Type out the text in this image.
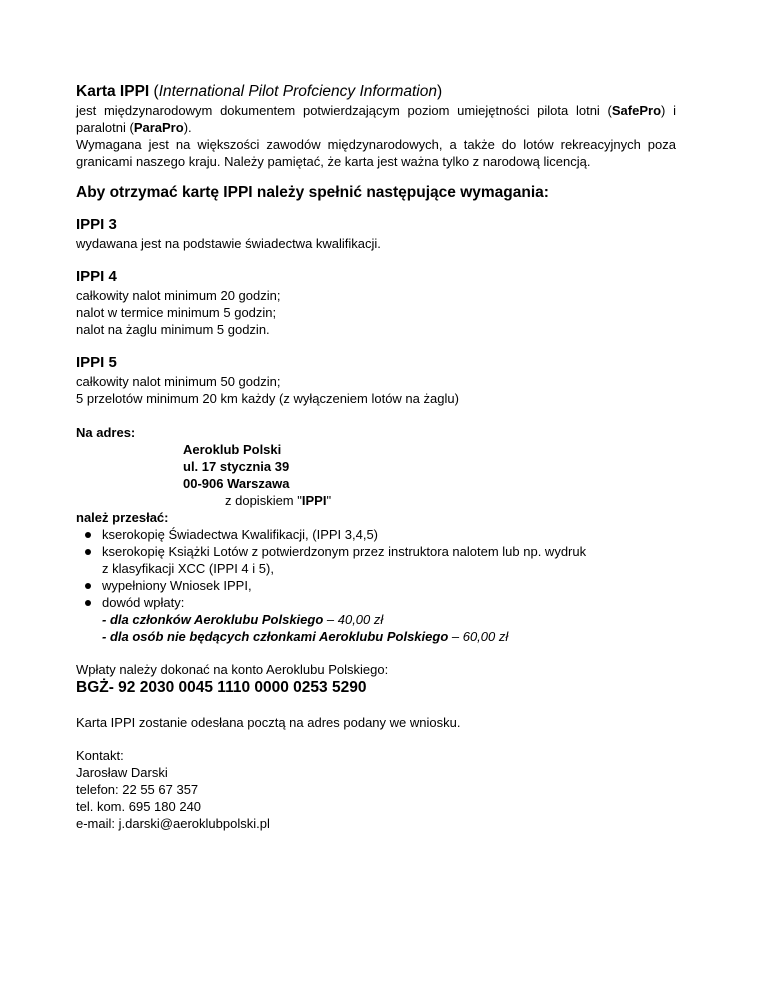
Karta IPPI (International Pilot Profciency Information)

jest międzynarodowym dokumentem potwierdzającym poziom umiejętności pilota lotni (SafePro) i paralotni (ParaPro).

Wymagana jest na większości zawodów międzynarodowych, a także do lotów rekreacyjnych poza granicami naszego kraju. Należy pamiętać, że karta jest ważna tylko z narodową licencją.

Aby otrzymać kartę IPPI należy spełnić następujące wymagania:
IPPI 3

wydawana jest na podstawie świadectwa kwalifikacji.

IPPI 4

całkowity nalot minimum 20 godzin;

nalot w termice minimum 5 godzin;

nalot na żaglu minimum 5 godzin.

IPPI 5

całkowity nalot minimum 50 godzin;

5 przelotów minimum 20 km każdy (z wyłączeniem lotów na żaglu)

Na adres:

Aeroklub Polski

ul. 17 stycznia 39

00-906 Warszawa

z dopiskiem "IPPI"

należ przesłać:

kserokopię Świadectwa Kwalifikacji, (IPPI 3,4,5)
kserokopię Książki Lotów z potwierdzonym przez instruktora nalotem lub np. wydruk
z klasyfikacji XCC (IPPI 4 i 5),
wypełniony Wniosek IPPI,
dowód wpłaty:
- dla członków Aeroklubu Polskiego – 40,00 zł
- dla osób nie będących członkami Aeroklubu Polskiego – 60,00 zł

Wpłaty należy dokonać na konto Aeroklubu Polskiego:

BGŻ- 92 2030 0045 1110 0000 0253 5290

Karta IPPI zostanie odesłana pocztą na adres podany we wniosku.

Kontakt:

Jarosław Darski

telefon: 22 55 67 357

tel. kom. 695 180 240

e-mail: j.darski@aeroklubpolski.pl
